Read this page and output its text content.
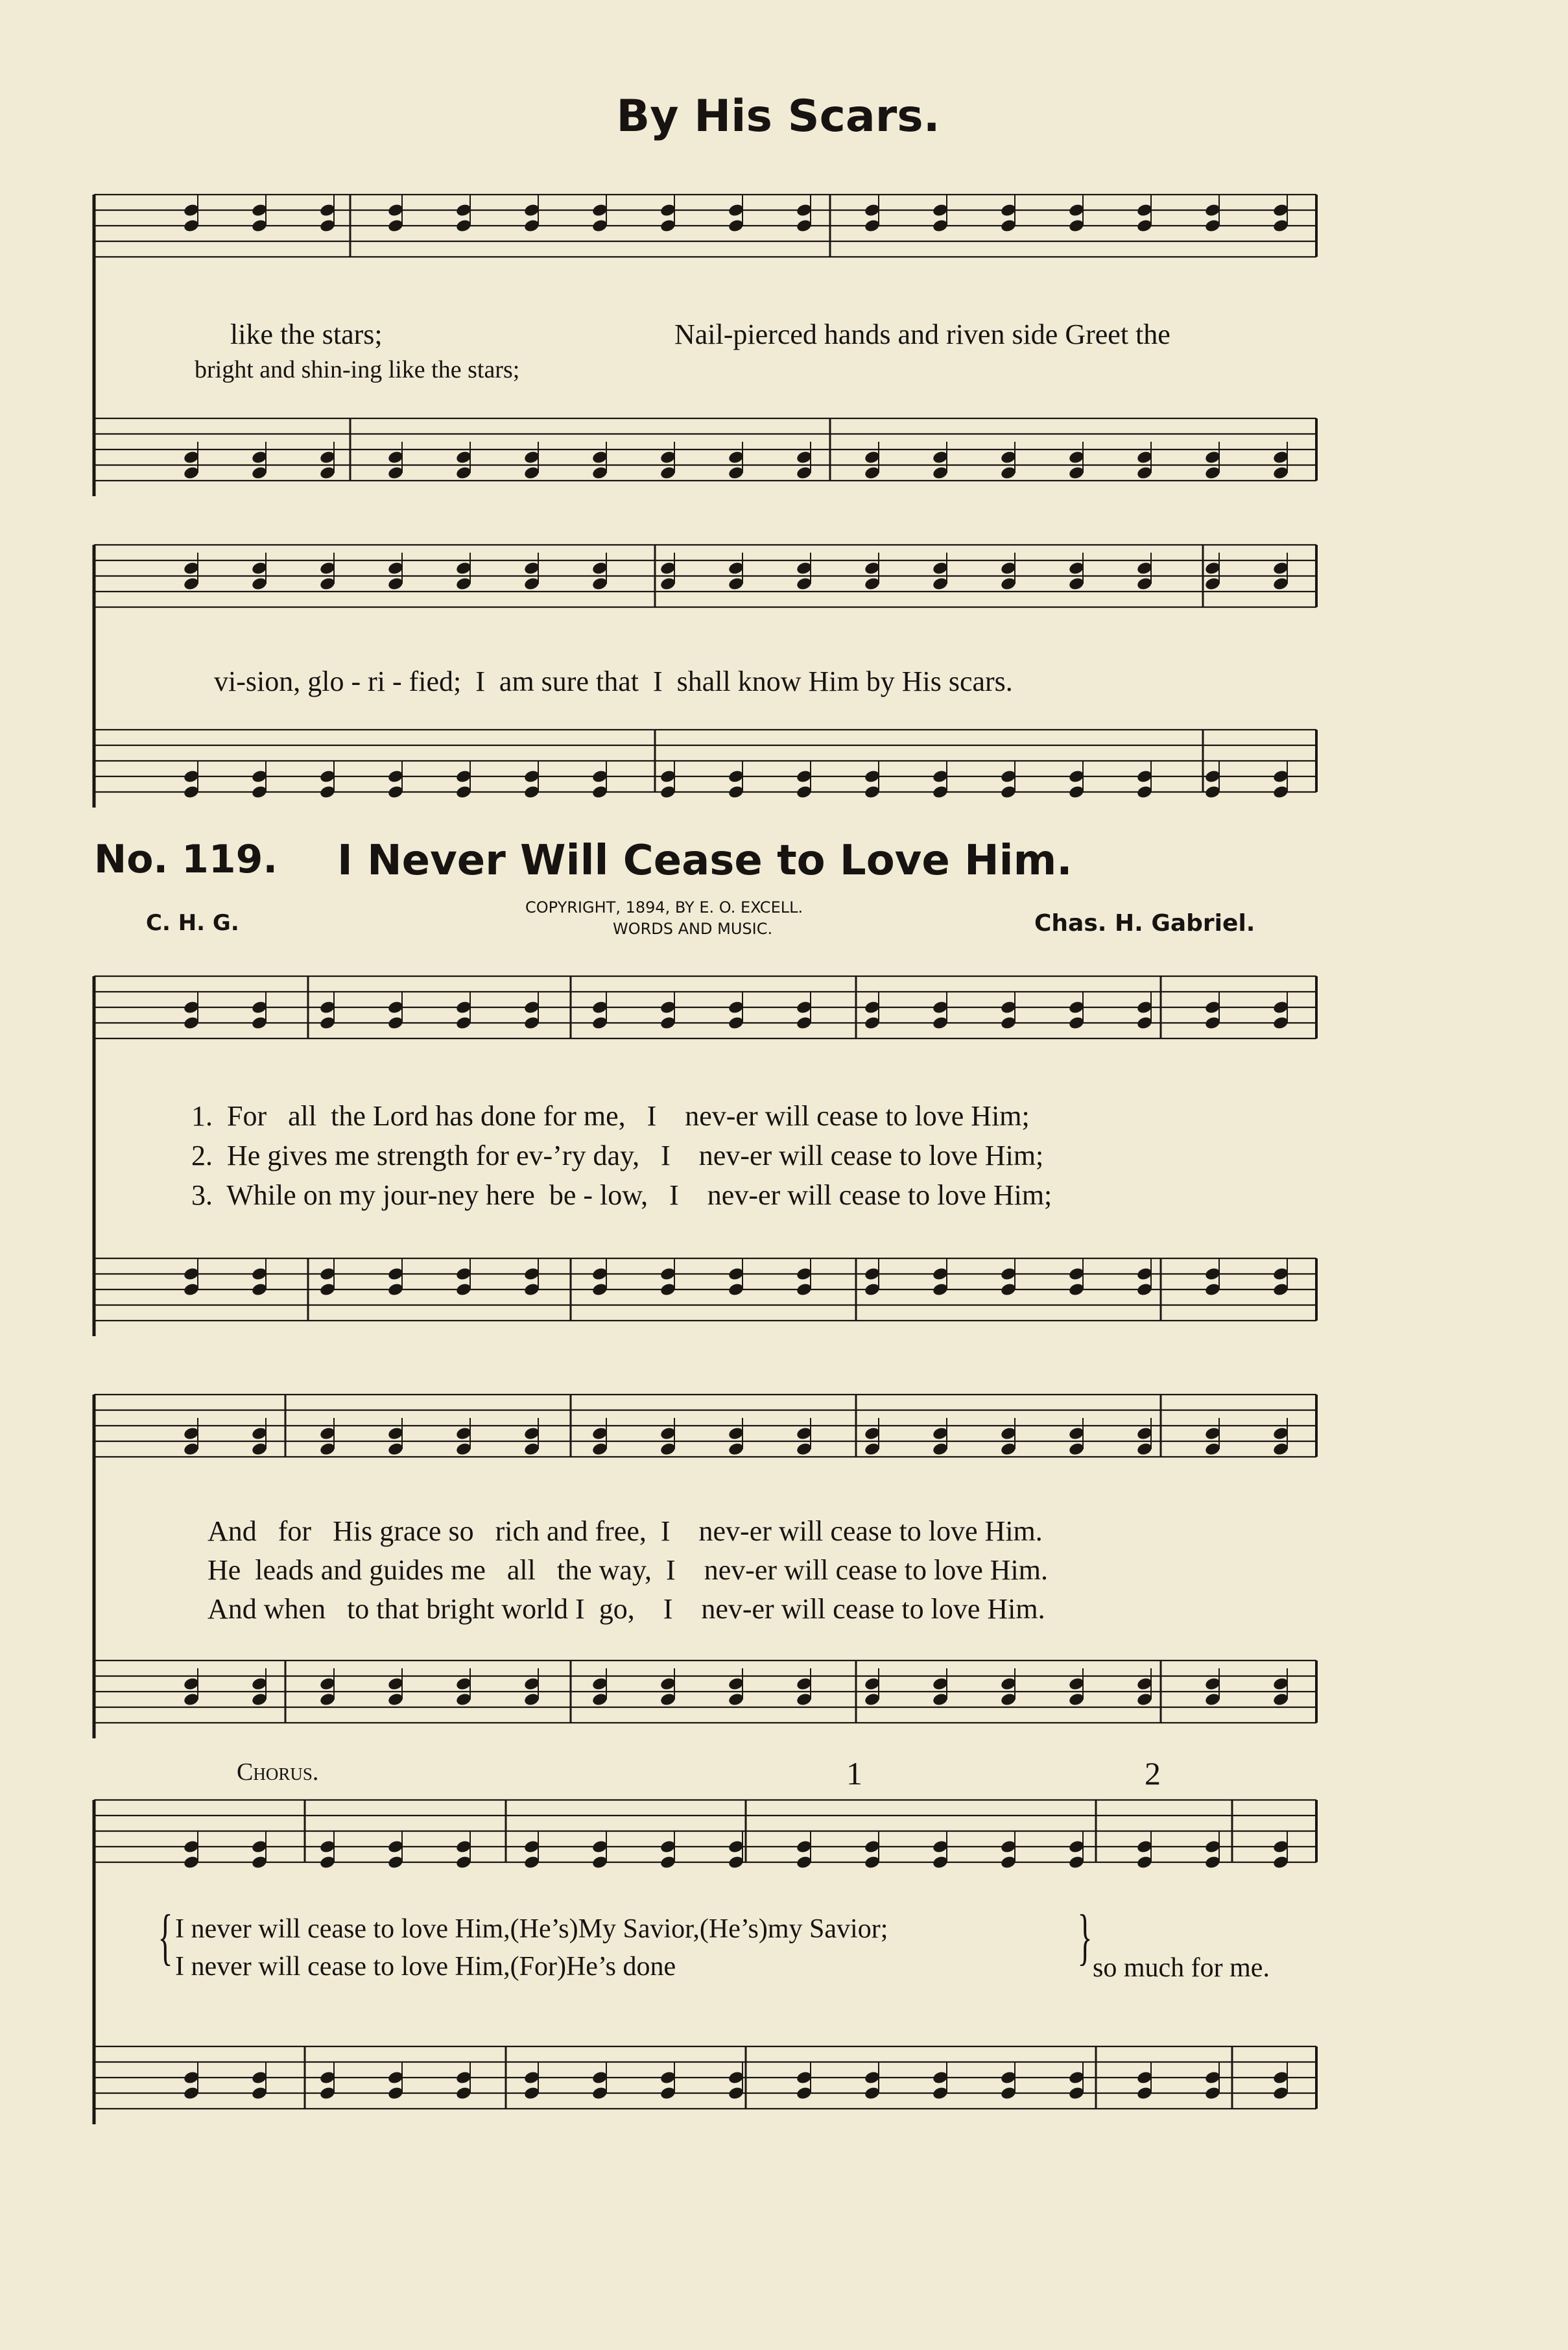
By His Scars.
like the stars;	Nail-pierced hands and riven side Greet the
bright and shin-ing like the stars;
vi-sion, glo - ri - fied;  I  am sure that  I  shall know Him by His scars.
No. 119. I Never Will Cease to Love Him.
C. H. G.
COPYRIGHT, 1894, BY E. O. EXCELL.
WORDS AND MUSIC.	Chas. H. Gabriel.
1.  For   all  the Lord has done for me,   I    nev-er will cease to love Him;
2.  He gives me strength for ev-’ry day,   I    nev-er will cease to love Him;
3.  While on my jour-ney here  be - low,   I    nev-er will cease to love Him;
And   for   His grace so   rich and free,  I    nev-er will cease to love Him.
He  leads and guides me   all   the way,  I    nev-er will cease to love Him.
And when   to that bright world I  go,    I    nev-er will cease to love Him.
Chorus.	1	2
{ I never will cease to love Him,(He’s)My Savior,(He’s)my Savior;
I never will cease to love Him,(For)He’s done	} so much for me.
